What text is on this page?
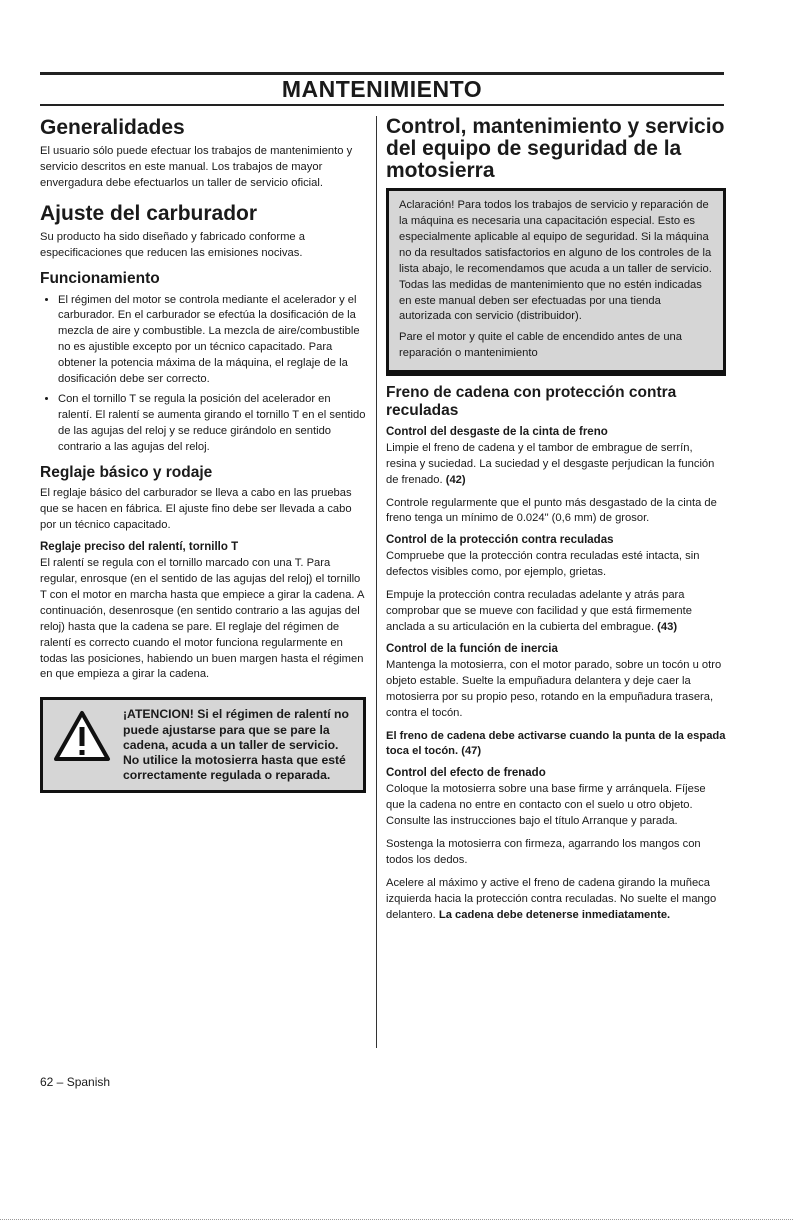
MANTENIMIENTO
Generalidades

El usuario sólo puede efectuar los trabajos de mantenimiento y servicio descritos en este manual. Los trabajos de mayor envergadura debe efectuarlos un taller de servicio oficial.

Ajuste del carburador

Su producto ha sido diseñado y fabricado conforme a especificaciones que reducen las emisiones nocivas.

Funcionamiento
• El régimen del motor se controla mediante el acelerador y el carburador. En el carburador se efectúa la dosificación de la mezcla de aire y combustible. La mezcla de aire/combustible no es ajustible excepto por un técnico capacitado. Para obtener la potencia máxima de la máquina, el reglaje de la dosificación debe ser correcto.
• Con el tornillo T se regula la posición del acelerador en ralentí. El ralentí se aumenta girando el tornillo T en el sentido de las agujas del reloj y se reduce girándolo en sentido contrario a las agujas del reloj.
Reglaje básico y rodaje

El reglaje básico del carburador se lleva a cabo en las pruebas que se hacen en fábrica. El ajuste fino debe ser llevada a cabo por un técnico capacitado.

Reglaje preciso del ralentí, tornillo T

El ralentí se regula con el tornillo marcado con una T. Para regular, enrosque (en el sentido de las agujas del reloj) el tornillo T con el motor en marcha hasta que empiece a girar la cadena. A continuación, desenrosque (en sentido contrario a las agujas del reloj) hasta que la cadena se pare. El reglaje del régimen de ralentí es correcto cuando el motor funciona regularmente en todas las posiciones, habiendo un buen margen hasta el régimen en que empieza a girar la cadena.

¡ATENCION! Si el régimen de ralentí no puede ajustarse para que se pare la cadena, acuda a un taller de servicio. No utilice la motosierra hasta que esté correctamente regulada o reparada.
Control, mantenimiento y servicio del equipo de seguridad de la motosierra

Aclaración! Para todos los trabajos de servicio y reparación de la máquina es necesaria una capacitación especial. Esto es especialmente aplicable al equipo de seguridad. Si la máquina no da resultados satisfactorios en alguno de los controles de la lista abajo, le recomendamos que acuda a un taller de servicio. Todas las medidas de mantenimiento que no estén indicadas en este manual deben ser efectuadas por una tienda autorizada con servicio (distribuidor).

Pare el motor y quite el cable de encendido antes de una reparación o mantenimiento

Freno de cadena con protección contra reculadas
Control del desgaste de la cinta de freno

Limpie el freno de cadena y el tambor de embrague de serrín, resina y suciedad. La suciedad y el desgaste perjudican la función de frenado. (42)

Controle regularmente que el punto más desgastado de la cinta de freno tenga un mínimo de 0.024" (0,6 mm) de grosor.

Control de la protección contra reculadas

Compruebe que la protección contra reculadas esté intacta, sin defectos visibles como, por ejemplo, grietas.

Empuje la protección contra reculadas adelante y atrás para comprobar que se mueve con facilidad y que está firmemente anclada a su articulación en la cubierta del embrague. (43)

Control de la función de inercia

Mantenga la motosierra, con el motor parado, sobre un tocón u otro objeto estable. Suelte la empuñadura delantera y deje caer la motosierra por su propio peso, rotando en la empuñadura trasera, contra el tocón.

El freno de cadena debe activarse cuando la punta de la espada toca el tocón. (47)

Control del efecto de frenado

Coloque la motosierra sobre una base firme y arránquela. Fíjese que la cadena no entre en contacto con el suelo u otro objeto. Consulte las instrucciones bajo el título Arranque y parada.

Sostenga la motosierra con firmeza, agarrando los mangos con todos los dedos.

Acelere al máximo y active el freno de cadena girando la muñeca izquierda hacia la protección contra reculadas. No suelte el mango delantero. La cadena debe detenerse inmediatamente.

62 – Spanish
